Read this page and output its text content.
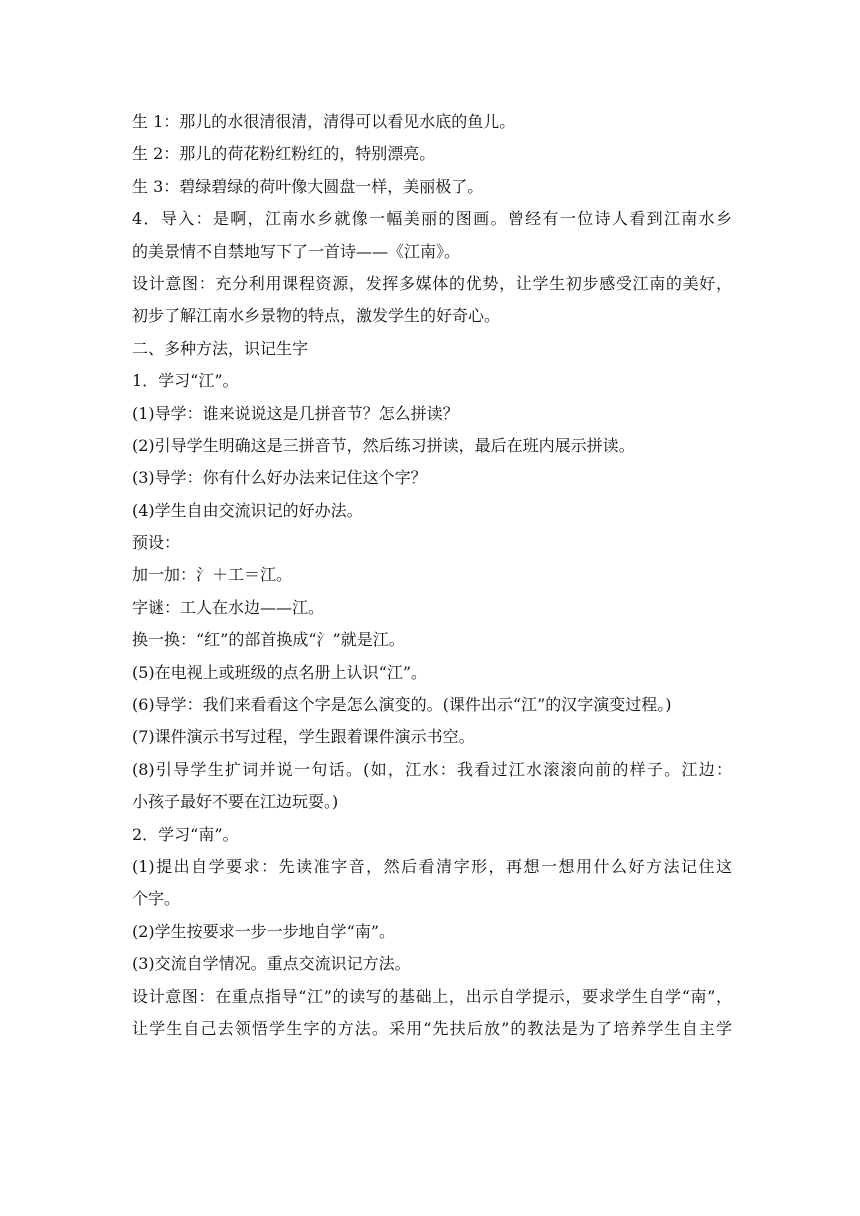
生 1：那儿的水很清很清，清得可以看见水底的鱼儿。
生 2：那儿的荷花粉红粉红的，特别漂亮。
生 3：碧绿碧绿的荷叶像大圆盘一样，美丽极了。
4．导入：是啊，江南水乡就像一幅美丽的图画。曾经有一位诗人看到江南水乡
的美景情不自禁地写下了一首诗——《江南》。
设计意图：充分利用课程资源，发挥多媒体的优势，让学生初步感受江南的美好，
初步了解江南水乡景物的特点，激发学生的好奇心。
二、多种方法，识记生字
1．学习“江”。
(1)导学：谁来说说这是几拼音节？怎么拼读？
(2)引导学生明确这是三拼音节，然后练习拼读，最后在班内展示拼读。
(3)导学：你有什么好办法来记住这个字？
(4)学生自由交流识记的好办法。
预设：
加一加：氵＋工＝江。
字谜：工人在水边——江。
换一换：“红”的部首换成“氵”就是江。
(5)在电视上或班级的点名册上认识“江”。
(6)导学：我们来看看这个字是怎么演变的。(课件出示“江”的汉字演变过程。)
(7)课件演示书写过程，学生跟着课件演示书空。
(8)引导学生扩词并说一句话。(如，江水：我看过江水滚滚向前的样子。江边：
小孩子最好不要在江边玩耍。)
2．学习“南”。
(1)提出自学要求：先读准字音，然后看清字形，再想一想用什么好方法记住这
个字。
(2)学生按要求一步一步地自学“南”。
(3)交流自学情况。重点交流识记方法。
设计意图：在重点指导“江”的读写的基础上，出示自学提示，要求学生自学“南”，
让学生自己去领悟学生字的方法。采用“先扶后放”的教法是为了培养学生自主学
